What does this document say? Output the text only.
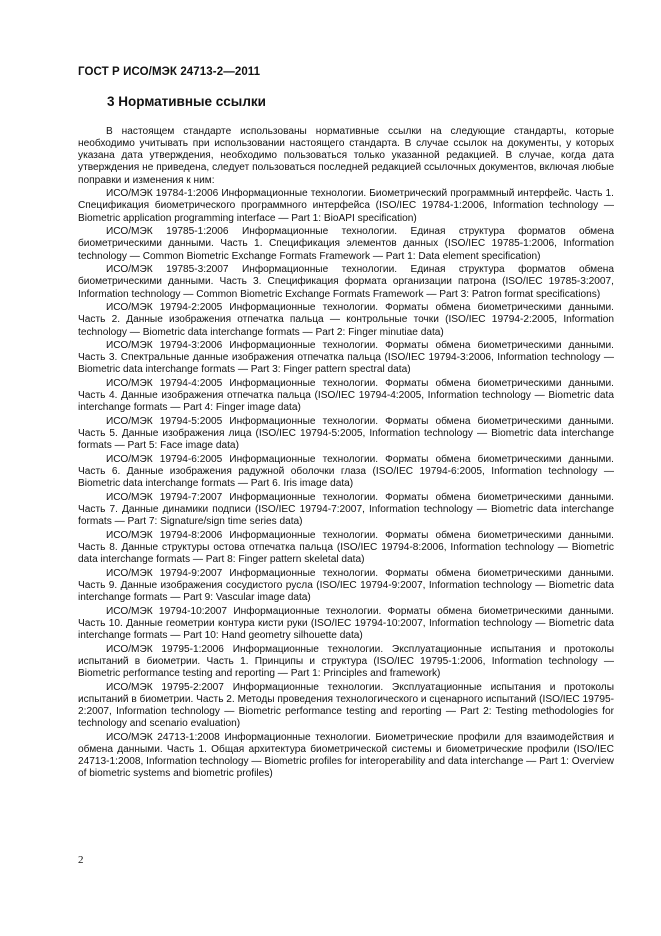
ГОСТ Р ИСО/МЭК 24713-2—2011
3 Нормативные ссылки

В настоящем стандарте использованы нормативные ссылки на следующие стандарты, которые необходимо учитывать при использовании настоящего стандарта. В случае ссылок на документы, у которых указана дата утверждения, необходимо пользоваться только указанной редакцией. В случае, когда дата утверждения не приведена, следует пользоваться последней редакцией ссылочных документов, включая любые поправки и изменения к ним:

ИСО/МЭК 19784-1:2006 Информационные технологии. Биометрический программный интерфейс. Часть 1. Спецификация биометрического программного интерфейса (ISO/IEC 19784-1:2006, Information technology — Biometric application programming interface — Part 1: BioAPI specification)

ИСО/МЭК 19785-1:2006 Информационные технологии. Единая структура форматов обмена биометрическими данными. Часть 1. Спецификация элементов данных (ISO/IEC 19785-1:2006, Information technology — Common Biometric Exchange Formats Framework — Part 1: Data element specification)

ИСО/МЭК 19785-3:2007 Информационные технологии. Единая структура форматов обмена биометрическими данными. Часть 3. Спецификация формата организации патрона (ISO/IEC 19785-3:2007, Information technology — Common Biometric Exchange Formats Framework — Part 3: Patron format specifications)

ИСО/МЭК 19794-2:2005 Информационные технологии. Форматы обмена биометрическими данными. Часть 2. Данные изображения отпечатка пальца — контрольные точки (ISO/IEC 19794-2:2005, Information technology — Biometric data interchange formats — Part 2: Finger minutiae data)

ИСО/МЭК 19794-3:2006 Информационные технологии. Форматы обмена биометрическими данными. Часть 3. Спектральные данные изображения отпечатка пальца (ISO/IEC 19794-3:2006, Information technology — Biometric data interchange formats — Part 3: Finger pattern spectral data)

ИСО/МЭК 19794-4:2005 Информационные технологии. Форматы обмена биометрическими данными. Часть 4. Данные изображения отпечатка пальца (ISO/IEC 19794-4:2005, Information technology — Biometric data interchange formats — Part 4: Finger image data)

ИСО/МЭК 19794-5:2005 Информационные технологии. Форматы обмена биометрическими данными. Часть 5. Данные изображения лица (ISO/IEC 19794-5:2005, Information technology — Biometric data interchange formats — Part 5: Face image data)

ИСО/МЭК 19794-6:2005 Информационные технологии. Форматы обмена биометрическими данными. Часть 6. Данные изображения радужной оболочки глаза (ISO/IEC 19794-6:2005, Information technology — Biometric data interchange formats — Part 6. Iris image data)

ИСО/МЭК 19794-7:2007 Информационные технологии. Форматы обмена биометрическими данными. Часть 7. Данные динамики подписи (ISO/IEC 19794-7:2007, Information technology — Biometric data interchange formats — Part 7: Signature/sign time series data)

ИСО/МЭК 19794-8:2006 Информационные технологии. Форматы обмена биометрическими данными. Часть 8. Данные структуры остова отпечатка пальца (ISO/IEC 19794-8:2006, Information technology — Biometric data interchange formats — Part 8: Finger pattern skeletal data)

ИСО/МЭК 19794-9:2007 Информационные технологии. Форматы обмена биометрическими данными. Часть 9. Данные изображения сосудистого русла (ISO/IEC 19794-9:2007, Information technology — Biometric data interchange formats — Part 9: Vascular image data)

ИСО/МЭК 19794-10:2007 Информационные технологии. Форматы обмена биометрическими данными. Часть 10. Данные геометрии контура кисти руки (ISO/IEC 19794-10:2007, Information technology — Biometric data interchange formats — Part 10: Hand geometry silhouette data)

ИСО/МЭК 19795-1:2006 Информационные технологии. Эксплуатационные испытания и протоколы испытаний в биометрии. Часть 1. Принципы и структура (ISO/IEC 19795-1:2006, Information technology — Biometric performance testing and reporting — Part 1: Principles and framework)

ИСО/МЭК 19795-2:2007 Информационные технологии. Эксплуатационные испытания и протоколы испытаний в биометрии. Часть 2. Методы проведения технологического и сценарного испытаний (ISO/IEC 19795-2:2007, Information technology — Biometric performance testing and reporting — Part 2: Testing methodologies for technology and scenario evaluation)

ИСО/МЭК 24713-1:2008 Информационные технологии. Биометрические профили для взаимодействия и обмена данными. Часть 1. Общая архитектура биометрической системы и биометрические профили (ISO/IEC 24713-1:2008, Information technology — Biometric profiles for interoperability and data interchange — Part 1: Overview of biometric systems and biometric profiles)

2
